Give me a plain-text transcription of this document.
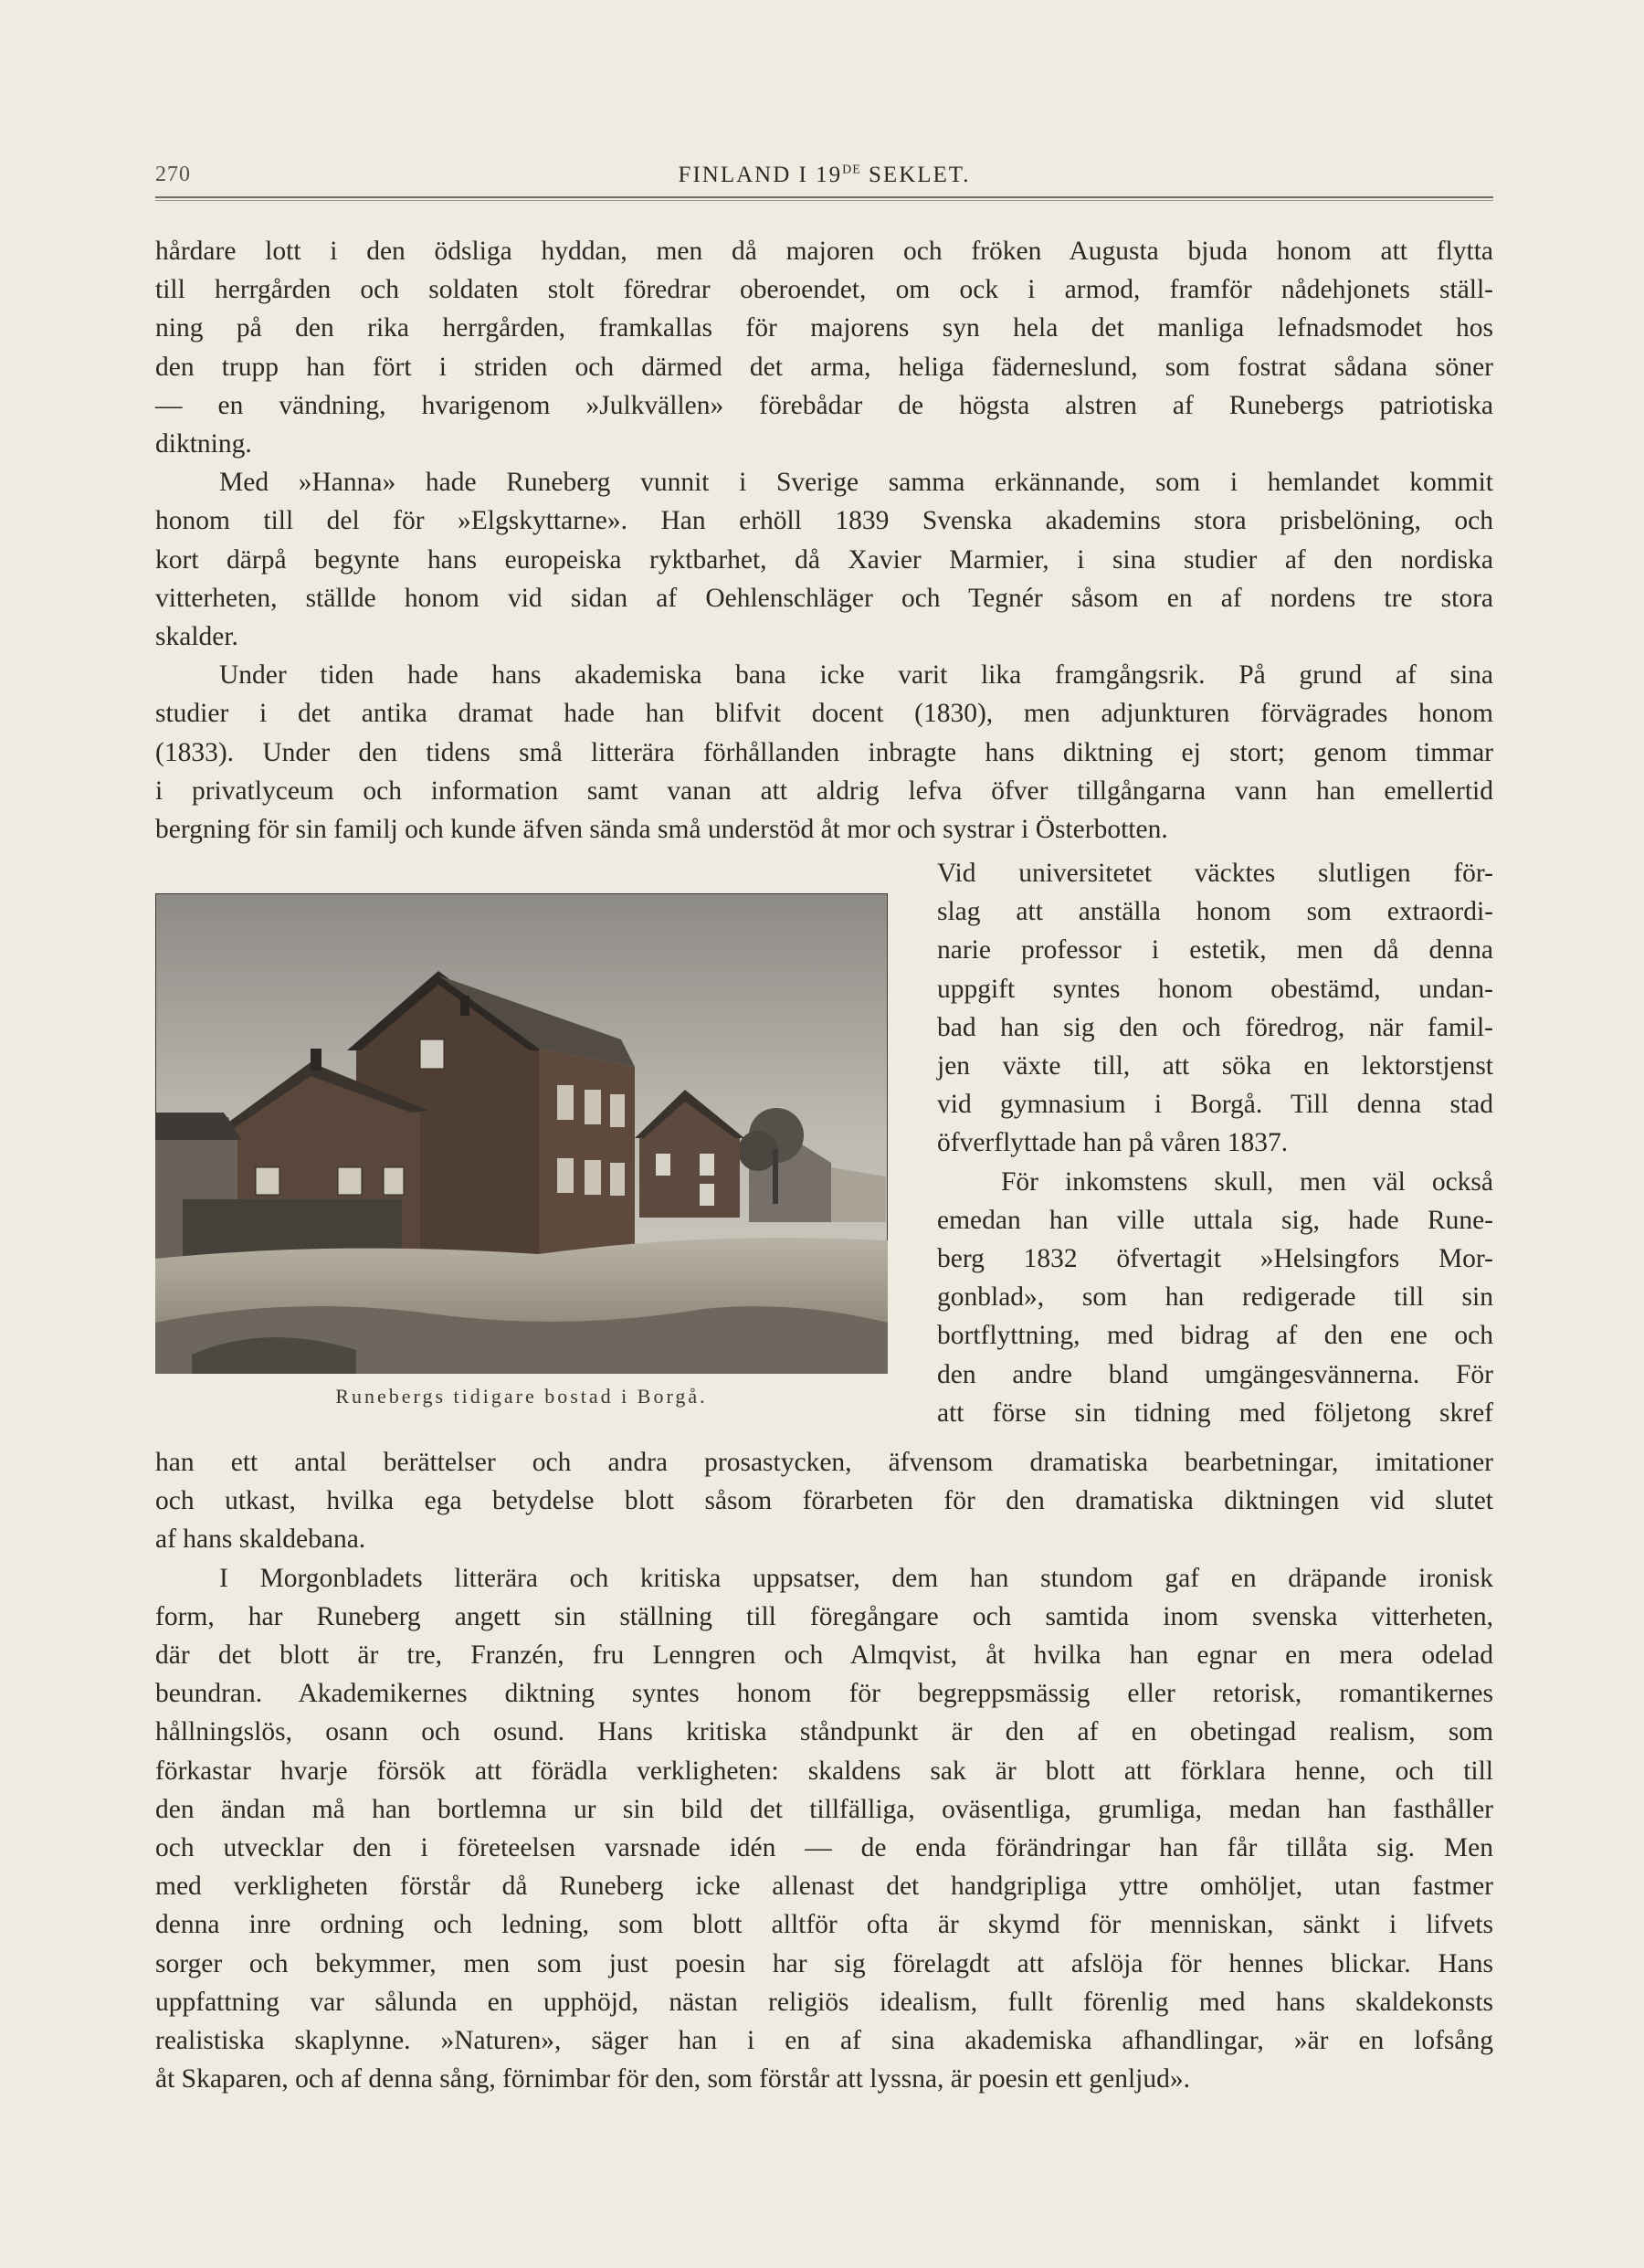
270	FINLAND I 19DE SEKLET.
hårdare lott i den ödsliga hyddan, men då majoren och fröken Augusta bjuda honom att flytta
till herrgården och soldaten stolt föredrar oberoendet, om ock i armod, framför nådehjonets ställ-
ning på den rika herrgården, framkallas för majorens syn hela det manliga lefnadsmodet hos
den trupp han fört i striden och därmed det arma, heliga fäderneslund, som fostrat sådana söner
— en vändning, hvarigenom »Julkvällen» förebådar de högsta alstren af Runebergs patriotiska
diktning.
Med »Hanna» hade Runeberg vunnit i Sverige samma erkännande, som i hemlandet kommit
honom till del för »Elgskyttarne». Han erhöll 1839 Svenska akademins stora prisbelöning, och
kort därpå begynte hans europeiska ryktbarhet, då Xavier Marmier, i sina studier af den nordiska
vitterheten, ställde honom vid sidan af Oehlenschläger och Tegnér såsom en af nordens tre stora
skalder.
Under tiden hade hans akademiska bana icke varit lika framgångsrik. På grund af sina
studier i det antika dramat hade han blifvit docent (1830), men adjunkturen förvägrades honom
(1833). Under den tidens små litterära förhållanden inbragte hans diktning ej stort; genom timmar
i privatlyceum och information samt vanan att aldrig lefva öfver tillgångarna vann han emellertid
bergning för sin familj och kunde äfven sända små understöd åt mor och systrar i Österbotten.
Vid universitetet väcktes slutligen för-
slag att anställa honom som extraordi-
narie professor i estetik, men då denna
uppgift syntes honom obestämd, undan-
bad han sig den och föredrog, när famil-
jen växte till, att söka en lektorstjenst
vid gymnasium i Borgå. Till denna stad
öfverflyttade han på våren 1837.
För inkomstens skull, men väl också
emedan han ville uttala sig, hade Rune-
berg 1832 öfvertagit »Helsingfors Mor-
gonblad», som han redigerade till sin
bortflyttning, med bidrag af den ene och
den andre bland umgängesvännerna. För
att förse sin tidning med följetong skref
han ett antal berättelser och andra prosastycken, äfvensom dramatiska bearbetningar, imitationer
och utkast, hvilka ega betydelse blott såsom förarbeten för den dramatiska diktningen vid slutet
af hans skaldebana.
I Morgonbladets litterära och kritiska uppsatser, dem han stundom gaf en dräpande ironisk
form, har Runeberg angett sin ställning till föregångare och samtida inom svenska vitterheten,
där det blott är tre, Franzén, fru Lenngren och Almqvist, åt hvilka han egnar en mera odelad
beundran. Akademikernes diktning syntes honom för begreppsmässig eller retorisk, romantikernes
hållningslös, osann och osund. Hans kritiska ståndpunkt är den af en obetingad realism, som
förkastar hvarje försök att förädla verkligheten: skaldens sak är blott att förklara henne, och till
den ändan må han bortlemna ur sin bild det tillfälliga, oväsentliga, grumliga, medan han fasthåller
och utvecklar den i företeelsen varsnade idén — de enda förändringar han får tillåta sig. Men
med verkligheten förstår då Runeberg icke allenast det handgripliga yttre omhöljet, utan fastmer
denna inre ordning och ledning, som blott alltför ofta är skymd för menniskan, sänkt i lifvets
sorger och bekymmer, men som just poesin har sig förelagdt att afslöja för hennes blickar. Hans
uppfattning var sålunda en upphöjd, nästan religiös idealism, fullt förenlig med hans skaldekonsts
realistiska skaplynne. »Naturen», säger han i en af sina akademiska afhandlingar, »är en lofsång
åt Skaparen, och af denna sång, förnimbar för den, som förstår att lyssna, är poesin ett genljud».
Runebergs tidigare bostad i Borgå.
